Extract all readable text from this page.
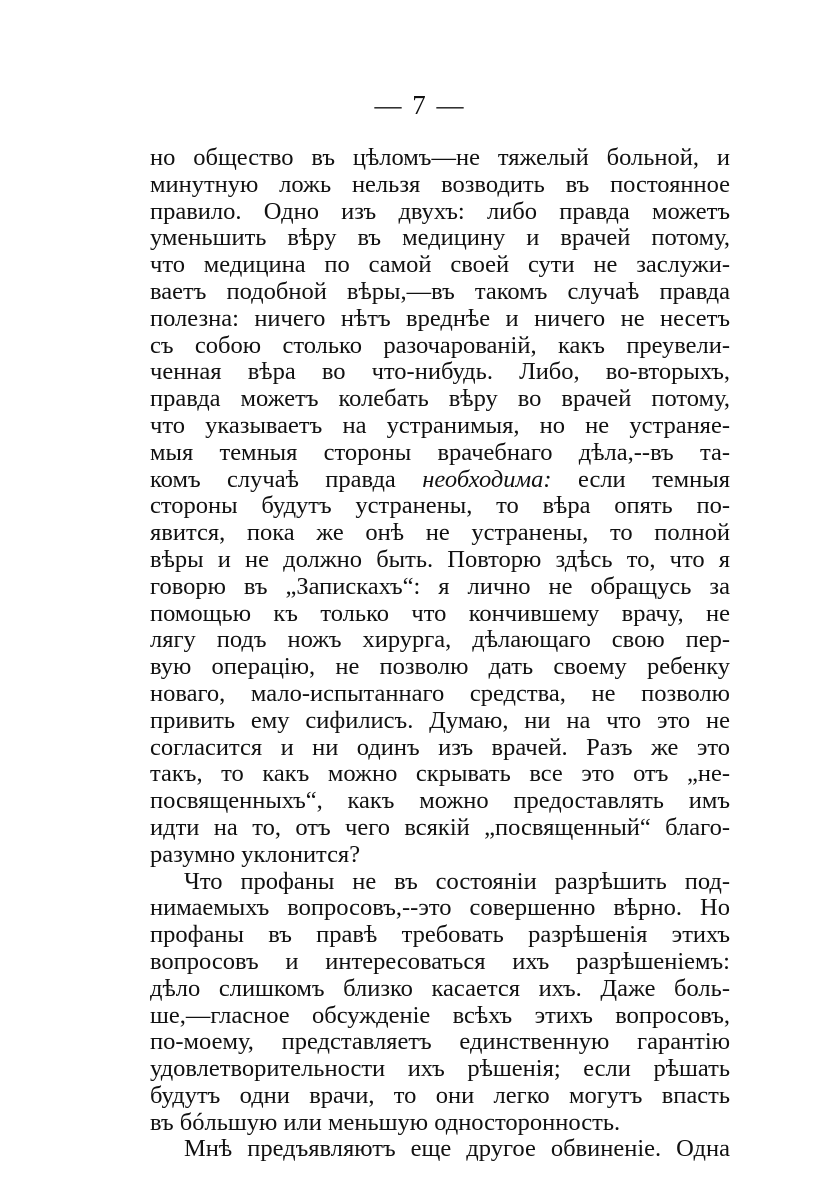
— 7 —
но общество въ цѣломъ—не тяжелый больной, и
минутную ложь нельзя возводить въ постоянное
правило. Одно изъ двухъ: либо правда можетъ
уменьшить вѣру въ медицину и врачей потому,
что медицина по самой своей сути не заслужи-
ваетъ подобной вѣры,—въ такомъ случаѣ правда
полезна: ничего нѣтъ вреднѣе и ничего не несетъ
съ собою столько разочарованій, какъ преувели-
ченная вѣра во что-нибудь. Либо, во-вторыхъ,
правда можетъ колебать вѣру во врачей потому,
что указываетъ на устранимыя, но не устраняе-
мыя темныя стороны врачебнаго дѣла,--въ та-
комъ случаѣ правда необходима: если темныя
стороны будутъ устранены, то вѣра опять по-
явится, пока же онѣ не устранены, то полной
вѣры и не должно быть. Повторю здѣсь то, что я
говорю въ „Запискахъ“: я лично не обращусь за
помощью къ только что кончившему врачу, не
лягу подъ ножъ хирурга, дѣлающаго свою пер-
вую операцію, не позволю дать своему ребенку
новаго, мало-испытаннаго средства, не позволю
привить ему сифилисъ. Думаю, ни на что это не
согласится и ни одинъ изъ врачей. Разъ же это
такъ, то какъ можно скрывать все это отъ „не-
посвященныхъ“, какъ можно предоставлять имъ
идти на то, отъ чего всякій „посвященный“ благо-
разумно уклонится?
Что профаны не въ состояніи разрѣшить под-
нимаемыхъ вопросовъ,--это совершенно вѣрно. Но
профаны въ правѣ требовать разрѣшенія этихъ
вопросовъ и интересоваться ихъ разрѣшеніемъ:
дѣло слишкомъ близко касается ихъ. Даже боль-
ше,—гласное обсужденіе всѣхъ этихъ вопросовъ,
по-моему, представляетъ единственную гарантію
удовлетворительности ихъ рѣшенія; если рѣшать
будутъ одни врачи, то они легко могутъ впасть
въ бóльшую или меньшую односторонность.
Мнѣ предъявляютъ еще другое обвиненіе. Одна
